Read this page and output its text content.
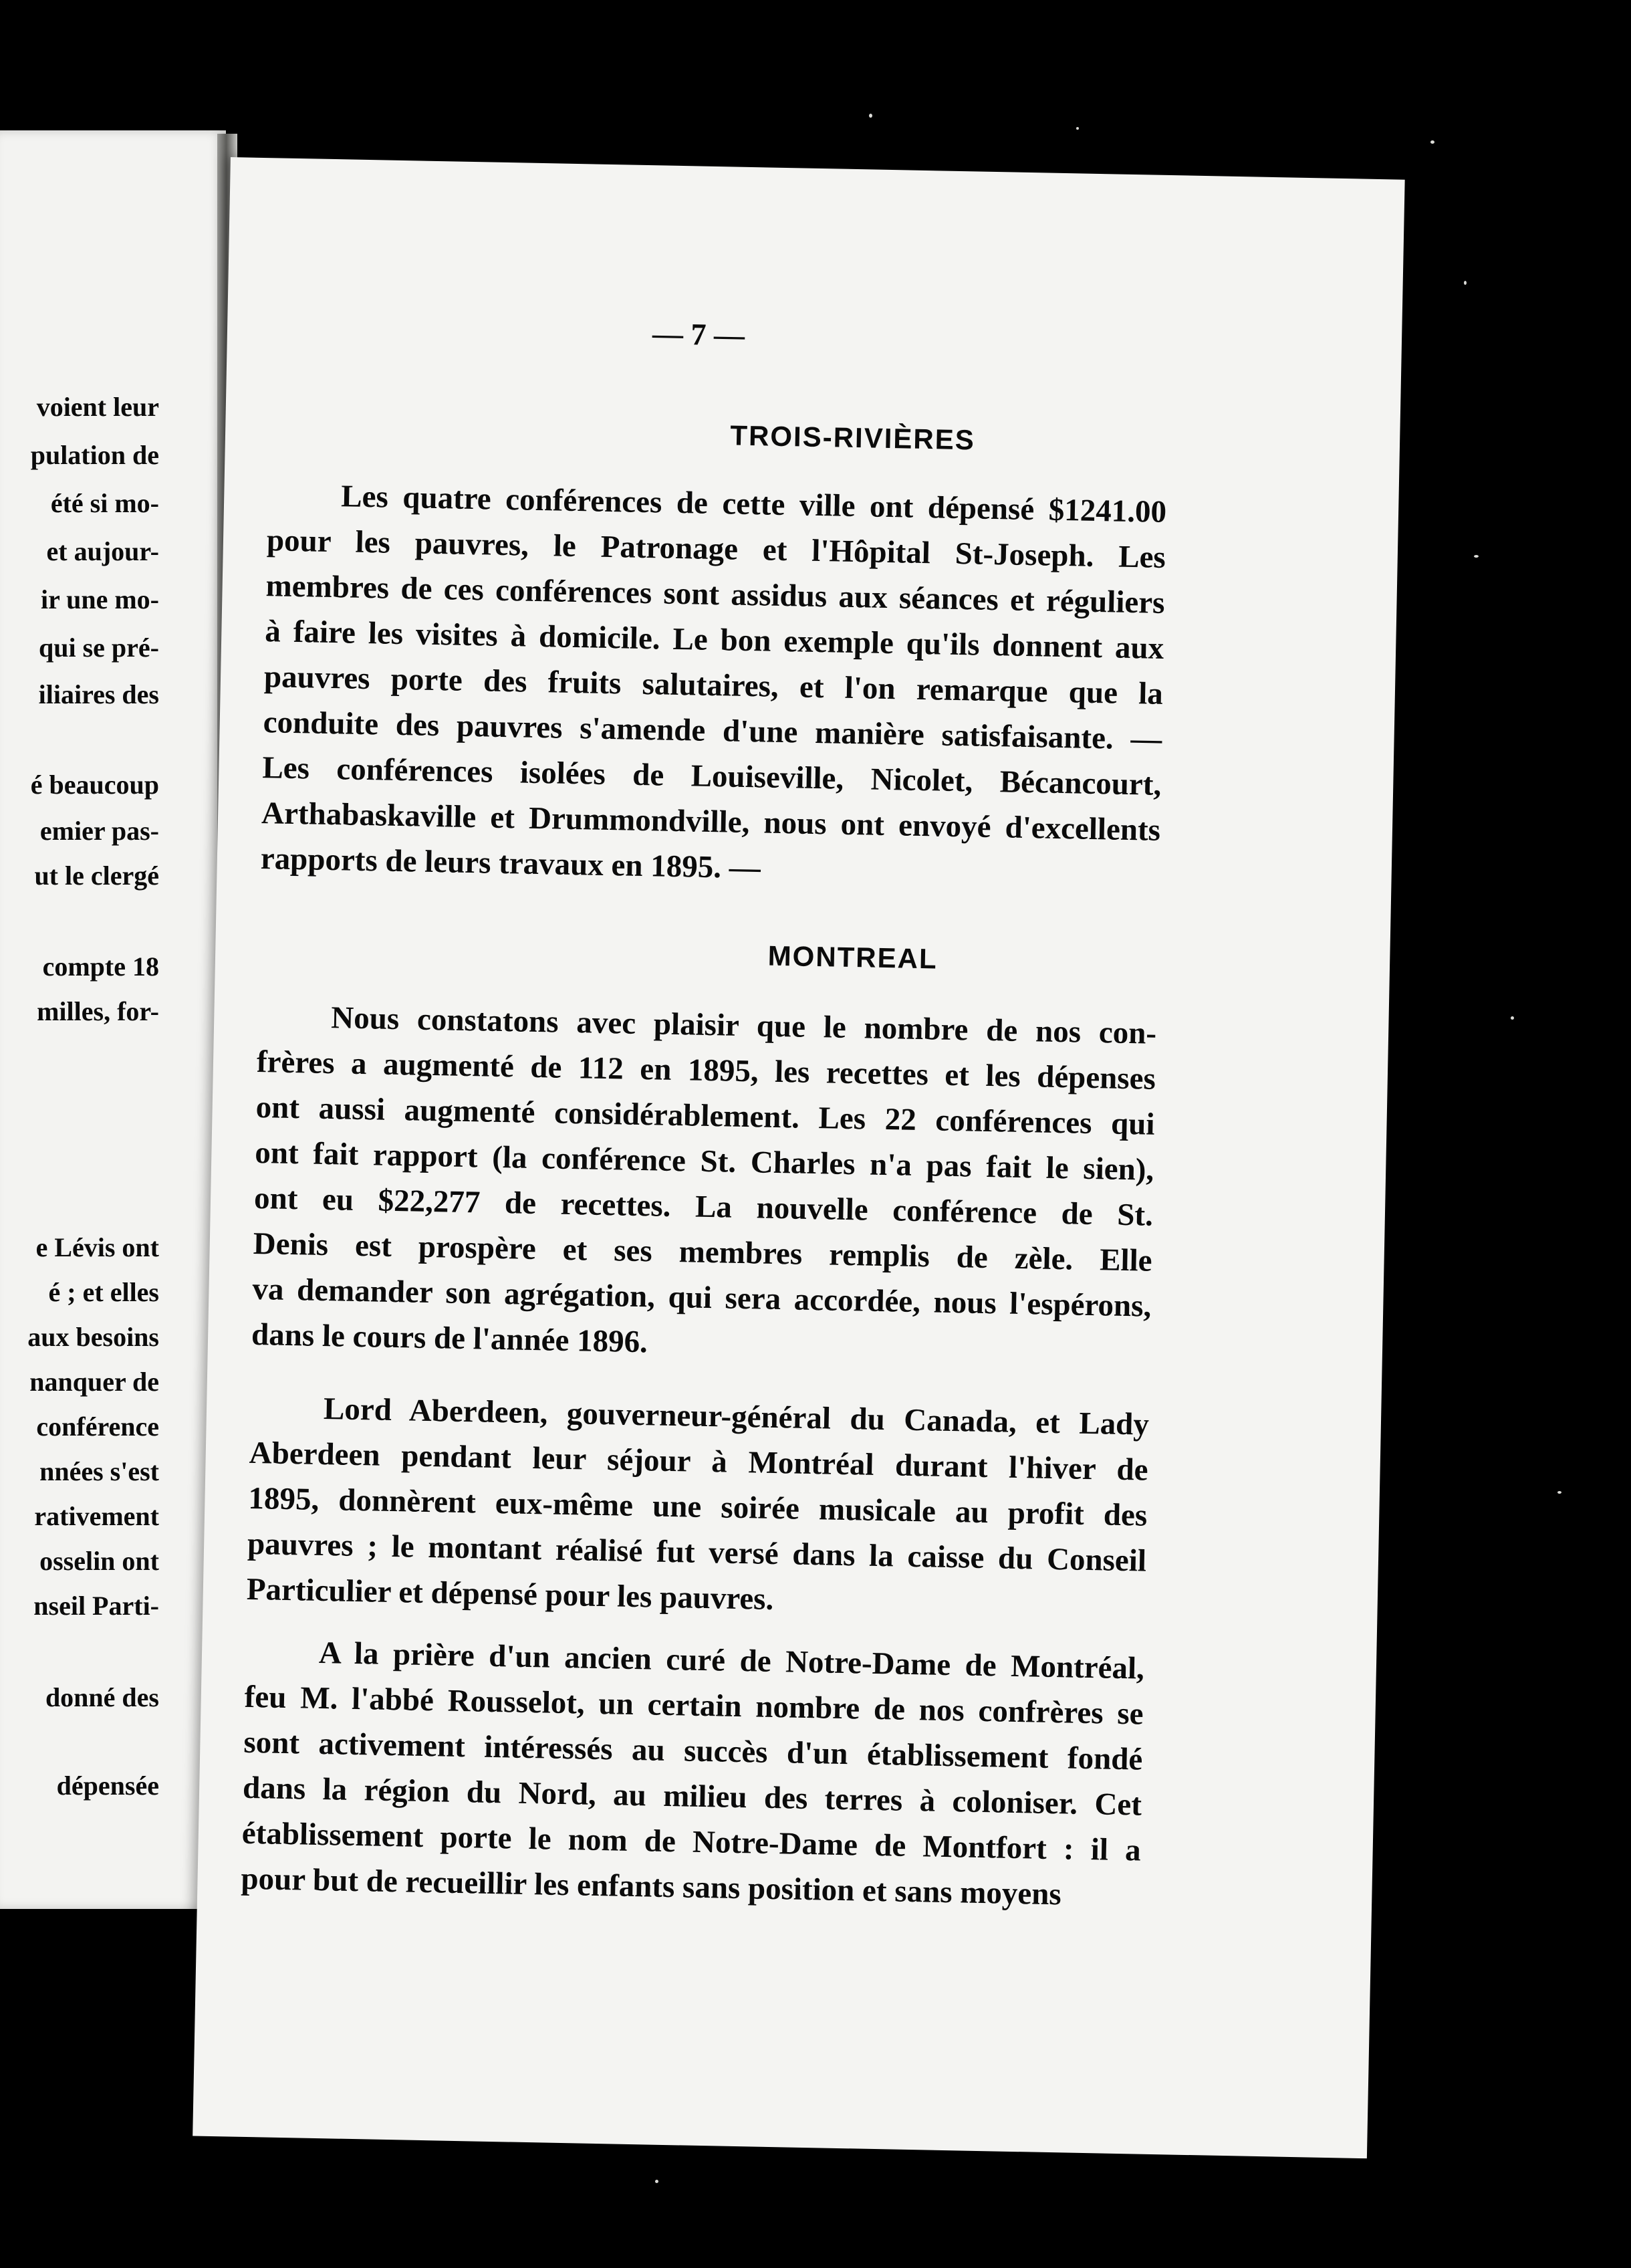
voient leur

pulation de

été si mo-

et aujour-

ir une mo-

qui se pré-

iliaires des

é beaucoup

emier pas-

ut le clergé

compte 18

milles, for-

e Lévis ont

é ; et elles

aux besoins

nanquer de

conférence

nnées s'est

rativement

osselin ont

nseil Parti-

donné des

dépensée

— 7 —

TROIS-RIVIÈRES

Les quatre conférences de cette ville ont dépensé $1241.00
pour les pauvres, le Patronage et l'Hôpital St-Joseph. Les
membres de ces conférences sont assidus aux séances et réguliers
à faire les visites à domicile. Le bon exemple qu'ils donnent aux
pauvres porte des fruits salutaires, et l'on remarque que la
conduite des pauvres s'amende d'une manière satisfaisante. —
Les conférences isolées de Louiseville, Nicolet, Bécancourt,
Arthabaskaville et Drummondville, nous ont envoyé d'excellents
rapports de leurs travaux en 1895. —

MONTREAL

Nous constatons avec plaisir que le nombre de nos con-
frères a augmenté de 112 en 1895, les recettes et les dépenses
ont aussi augmenté considérablement. Les 22 conférences qui
ont fait rapport (la conférence St. Charles n'a pas fait le sien),
ont eu $22,277 de recettes. La nouvelle conférence de St.
Denis est prospère et ses membres remplis de zèle. Elle
va demander son agrégation, qui sera accordée, nous l'espérons,
dans le cours de l'année 1896.

Lord Aberdeen, gouverneur-général du Canada, et Lady
Aberdeen pendant leur séjour à Montréal durant l'hiver de
1895, donnèrent eux-même une soirée musicale au profit des
pauvres ; le montant réalisé fut versé dans la caisse du Conseil
Particulier et dépensé pour les pauvres.

A la prière d'un ancien curé de Notre-Dame de Montréal,
feu M. l'abbé Rousselot, un certain nombre de nos confrères se
sont activement intéressés au succès d'un établissement fondé
dans la région du Nord, au milieu des terres à coloniser. Cet
établissement porte le nom de Notre-Dame de Montfort : il a
pour but de recueillir les enfants sans position et sans moyens
